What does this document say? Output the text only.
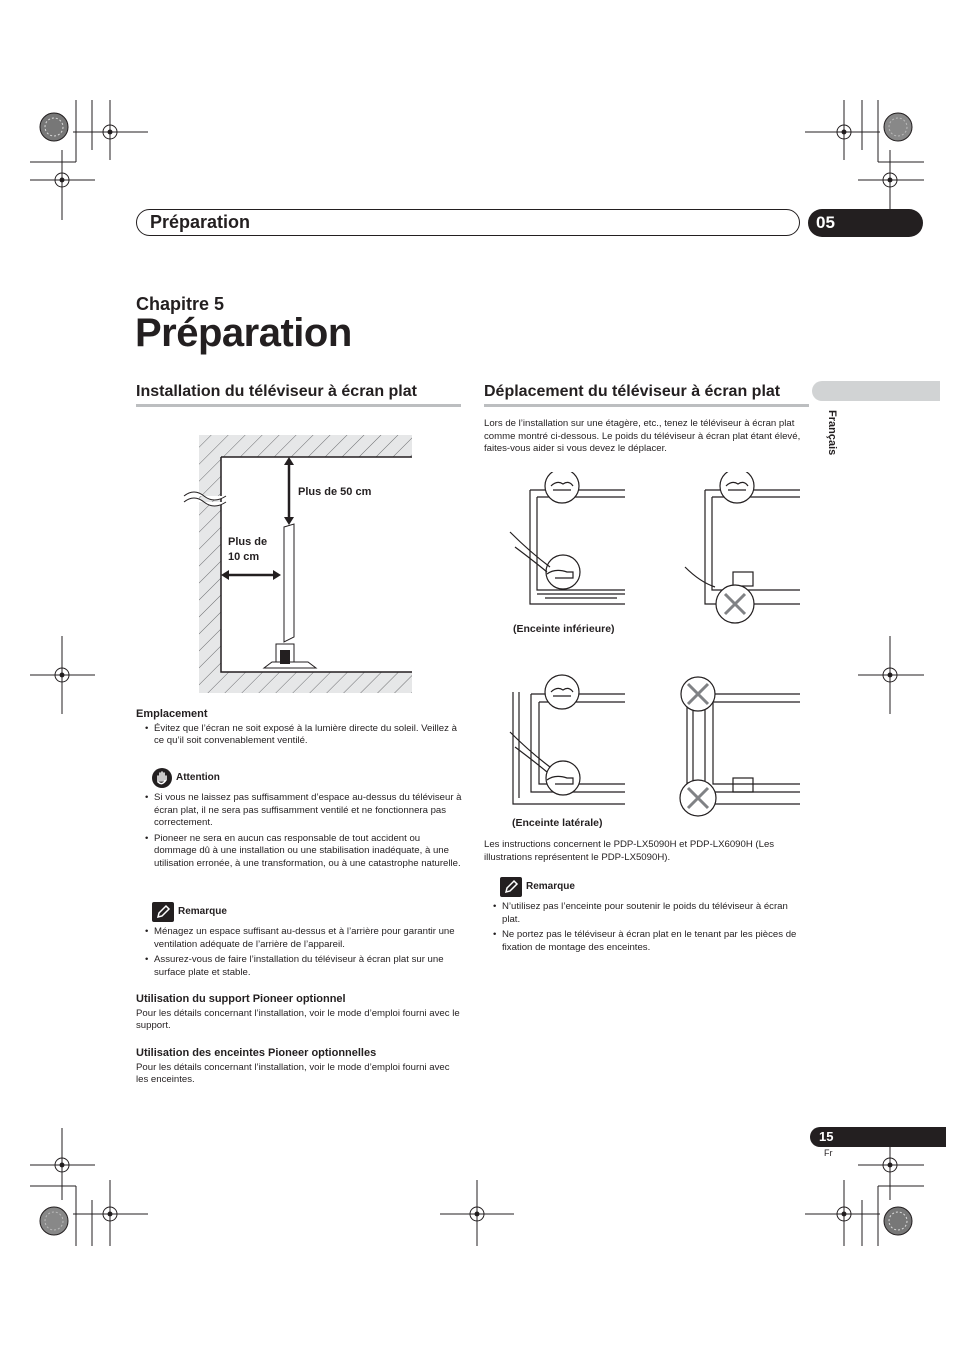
Préparation	05
Chapitre 5
Préparation
Français
Installation du téléviseur à écran plat
Plus de 50 cm
Plus de
10 cm
Emplacement
• Évitez que l’écran ne soit exposé à la lumière directe du soleil. Veillez à ce qu’il soit convenablement ventilé.
Attention
• Si vous ne laissez pas suffisamment d’espace au-dessus du téléviseur à écran plat, il ne sera pas suffisamment ventilé et ne fonctionnera pas correctement.
• Pioneer ne sera en aucun cas responsable de tout accident ou dommage dû à une installation ou une stabilisation inadéquate, à une utilisation erronée, à une transformation, ou à une catastrophe naturelle.
Remarque
• Ménagez un espace suffisant au-dessus et à l’arrière pour garantir une ventilation adéquate de l’arrière de l’appareil.
• Assurez-vous de faire l’installation du téléviseur à écran plat sur une surface plate et stable.
Utilisation du support Pioneer optionnel
Pour les détails concernant l’installation, voir le mode d’emploi fourni avec le support.
Utilisation des enceintes Pioneer optionnelles
Pour les détails concernant l’installation, voir le mode d’emploi fourni avec les enceintes.
Déplacement du téléviseur à écran plat
Lors de l’installation sur une étagère, etc., tenez le téléviseur à écran plat comme montré ci-dessous. Le poids du téléviseur à écran plat étant élevé, faites-vous aider si vous devez le déplacer.
(Enceinte inférieure)
(Enceinte latérale)
Les instructions concernent le PDP-LX5090H et PDP-LX6090H (Les illustrations représentent le PDP-LX5090H).
Remarque
• N’utilisez pas l’enceinte pour soutenir le poids du téléviseur à écran plat.
• Ne portez pas le téléviseur à écran plat en le tenant par les pièces de fixation de montage des enceintes.
15
Fr
